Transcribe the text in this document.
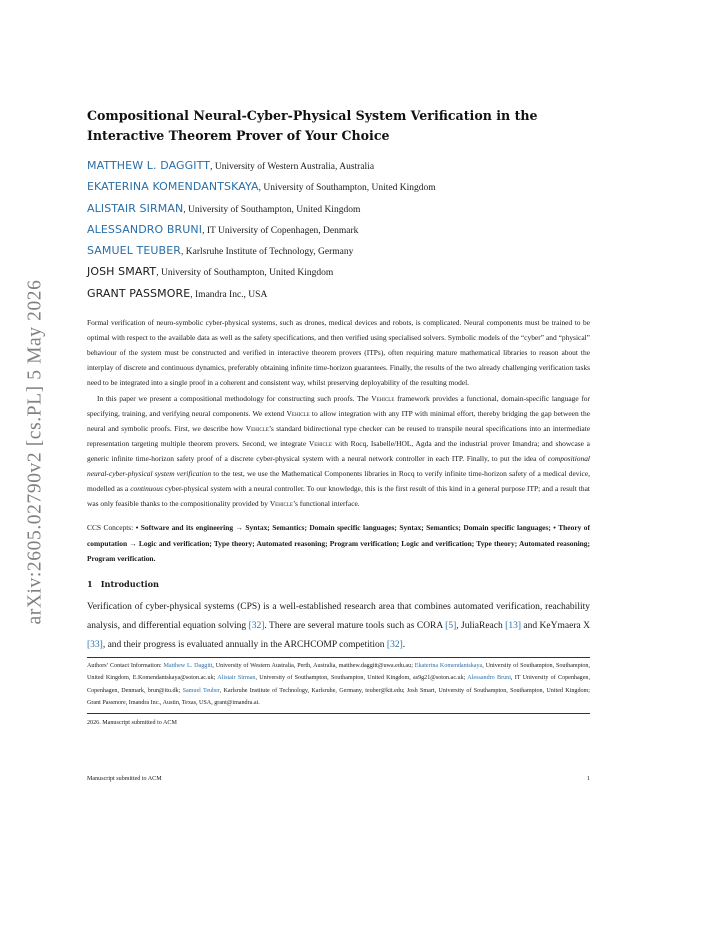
arXiv:2605.02790v2 [cs.PL] 5 May 2026
Compositional Neural-Cyber-Physical System Verification in the Interactive Theorem Prover of Your Choice
MATTHEW L. DAGGITT, University of Western Australia, Australia
EKATERINA KOMENDANTSKAYA, University of Southampton, United Kingdom
ALISTAIR SIRMAN, University of Southampton, United Kingdom
ALESSANDRO BRUNI, IT University of Copenhagen, Denmark
SAMUEL TEUBER, Karlsruhe Institute of Technology, Germany
JOSH SMART, University of Southampton, United Kingdom
GRANT PASSMORE, Imandra Inc., USA

Formal verification of neuro-symbolic cyber-physical systems, such as drones, medical devices and robots, is complicated. Neural components must be trained to be optimal with respect to the available data as well as the safety specifications, and then verified using specialised solvers. Symbolic models of the “cyber” and “physical” behaviour of the system must be constructed and verified in interactive theorem provers (ITPs), often requiring mature mathematical libraries to reason about the interplay of discrete and continuous dynamics, preferably obtaining infinite time-horizon guarantees. Finally, the results of the two already challenging verification tasks need to be integrated into a single proof in a coherent and consistent way, whilst preserving deployability of the resulting model.

In this paper we present a compositional methodology for constructing such proofs. The Vehicle framework provides a functional, domain-specific language for specifying, training, and verifying neural components. We extend Vehicle to allow integration with any ITP with minimal effort, thereby bridging the gap between the neural and symbolic proofs. First, we describe how Vehicle’s standard bidirectional type checker can be reused to transpile neural specifications into an intermediate representation targeting multiple theorem provers. Second, we integrate Vehicle with Rocq, Isabelle/HOL, Agda and the industrial prover Imandra; and showcase a generic infinite time-horizon safety proof of a discrete cyber-physical system with a neural network controller in each ITP. Finally, to put the idea of compositional neural-cyber-physical system verification to the test, we use the Mathematical Components libraries in Rocq to verify infinite time-horizon safety of a medical device, modelled as a continuous cyber-physical system with a neural controller. To our knowledge, this is the first result of this kind in a general purpose ITP; and a result that was only feasible thanks to the compositionality provided by Vehicle’s functional interface.

CCS Concepts: • Software and its engineering → Syntax; Semantics; Domain specific languages; Syntax; Semantics; Domain specific languages; • Theory of computation → Logic and verification; Type theory; Automated reasoning; Program verification; Logic and verification; Type theory; Automated reasoning; Program verification.
1 Introduction
Verification of cyber-physical systems (CPS) is a well-established research area that combines automated verification, reachability analysis, and differential equation solving [32]. There are several mature tools such as CORA [5], JuliaReach [13] and KeYmaera X [33], and their progress is evaluated annually in the ARCHCOMP competition [32].
Authors’ Contact Information: Matthew L. Daggitt, University of Western Australia, Perth, Australia, matthew.daggitt@uwa.edu.au; Ekaterina Komendantskaya, University of Southampton, Southampton, United Kingdom, E.Komendantskaya@soton.ac.uk; Alistair Sirman, University of Southampton, Southampton, United Kingdom, as9g21@soton.ac.uk; Alessandro Bruni, IT University of Copenhagen, Copenhagen, Denmark, brun@itu.dk; Samuel Teuber, Karlsruhe Institute of Technology, Karlsruhe, Germany, teuber@kit.edu; Josh Smart, University of Southampton, Southampton, United Kingdom; Grant Passmore, Imandra Inc., Austin, Texas, USA, grant@imandra.ai.
2026. Manuscript submitted to ACM
Manuscript submitted to ACM	1
